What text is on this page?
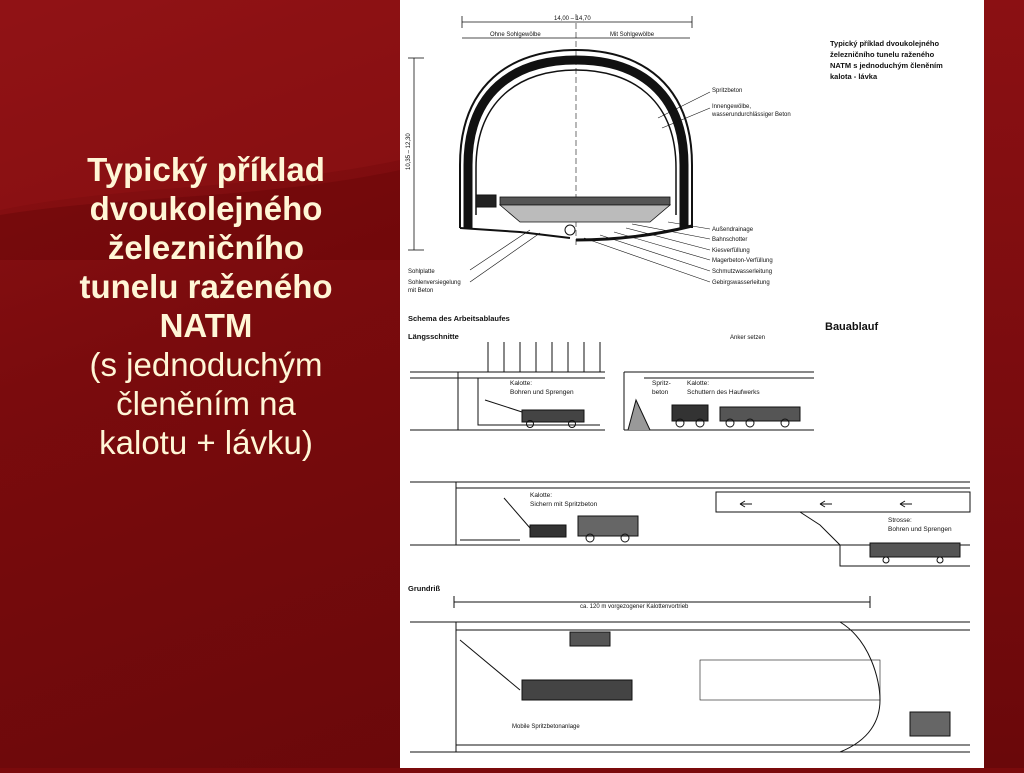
Typický příklad
dvoukolejného
železničního
tunelu raženého
NATM
(s jednoduchým
členěním na
kalotu + lávku)
14,00 – 14,70
Ohne Sohlgewölbe	Mit Sohlgewölbe
10,35 – 12,30
Spritzbeton
Innengewölbe,
wasserundurchlässiger Beton
Außendrainage
Bahnschotter
Kiesverfüllung
Magerbeton-Verfüllung
Schmutzwasserleitung
Gebirgswasserleitung
Sohlplatte
Sohlenversiegelung
mit Beton
Typický příklad dvoukolejného
železničního tunelu raženého
NATM s jednoduchým členěním
kalota - lávka
Schema des Arbeitsablaufes
Längsschnitte
Bauablauf
Anker setzen
Kalotte:
Bohren und Sprengen
Spritz-
beton
Kalotte:
Schuttern des Haufwerks
Kalotte:
Sichern mit Spritzbeton
Strosse:
Bohren und Sprengen
Grundriß
ca. 120 m vorgezogener Kalottenvortrieb
Mobile Spritzbetonanlage
